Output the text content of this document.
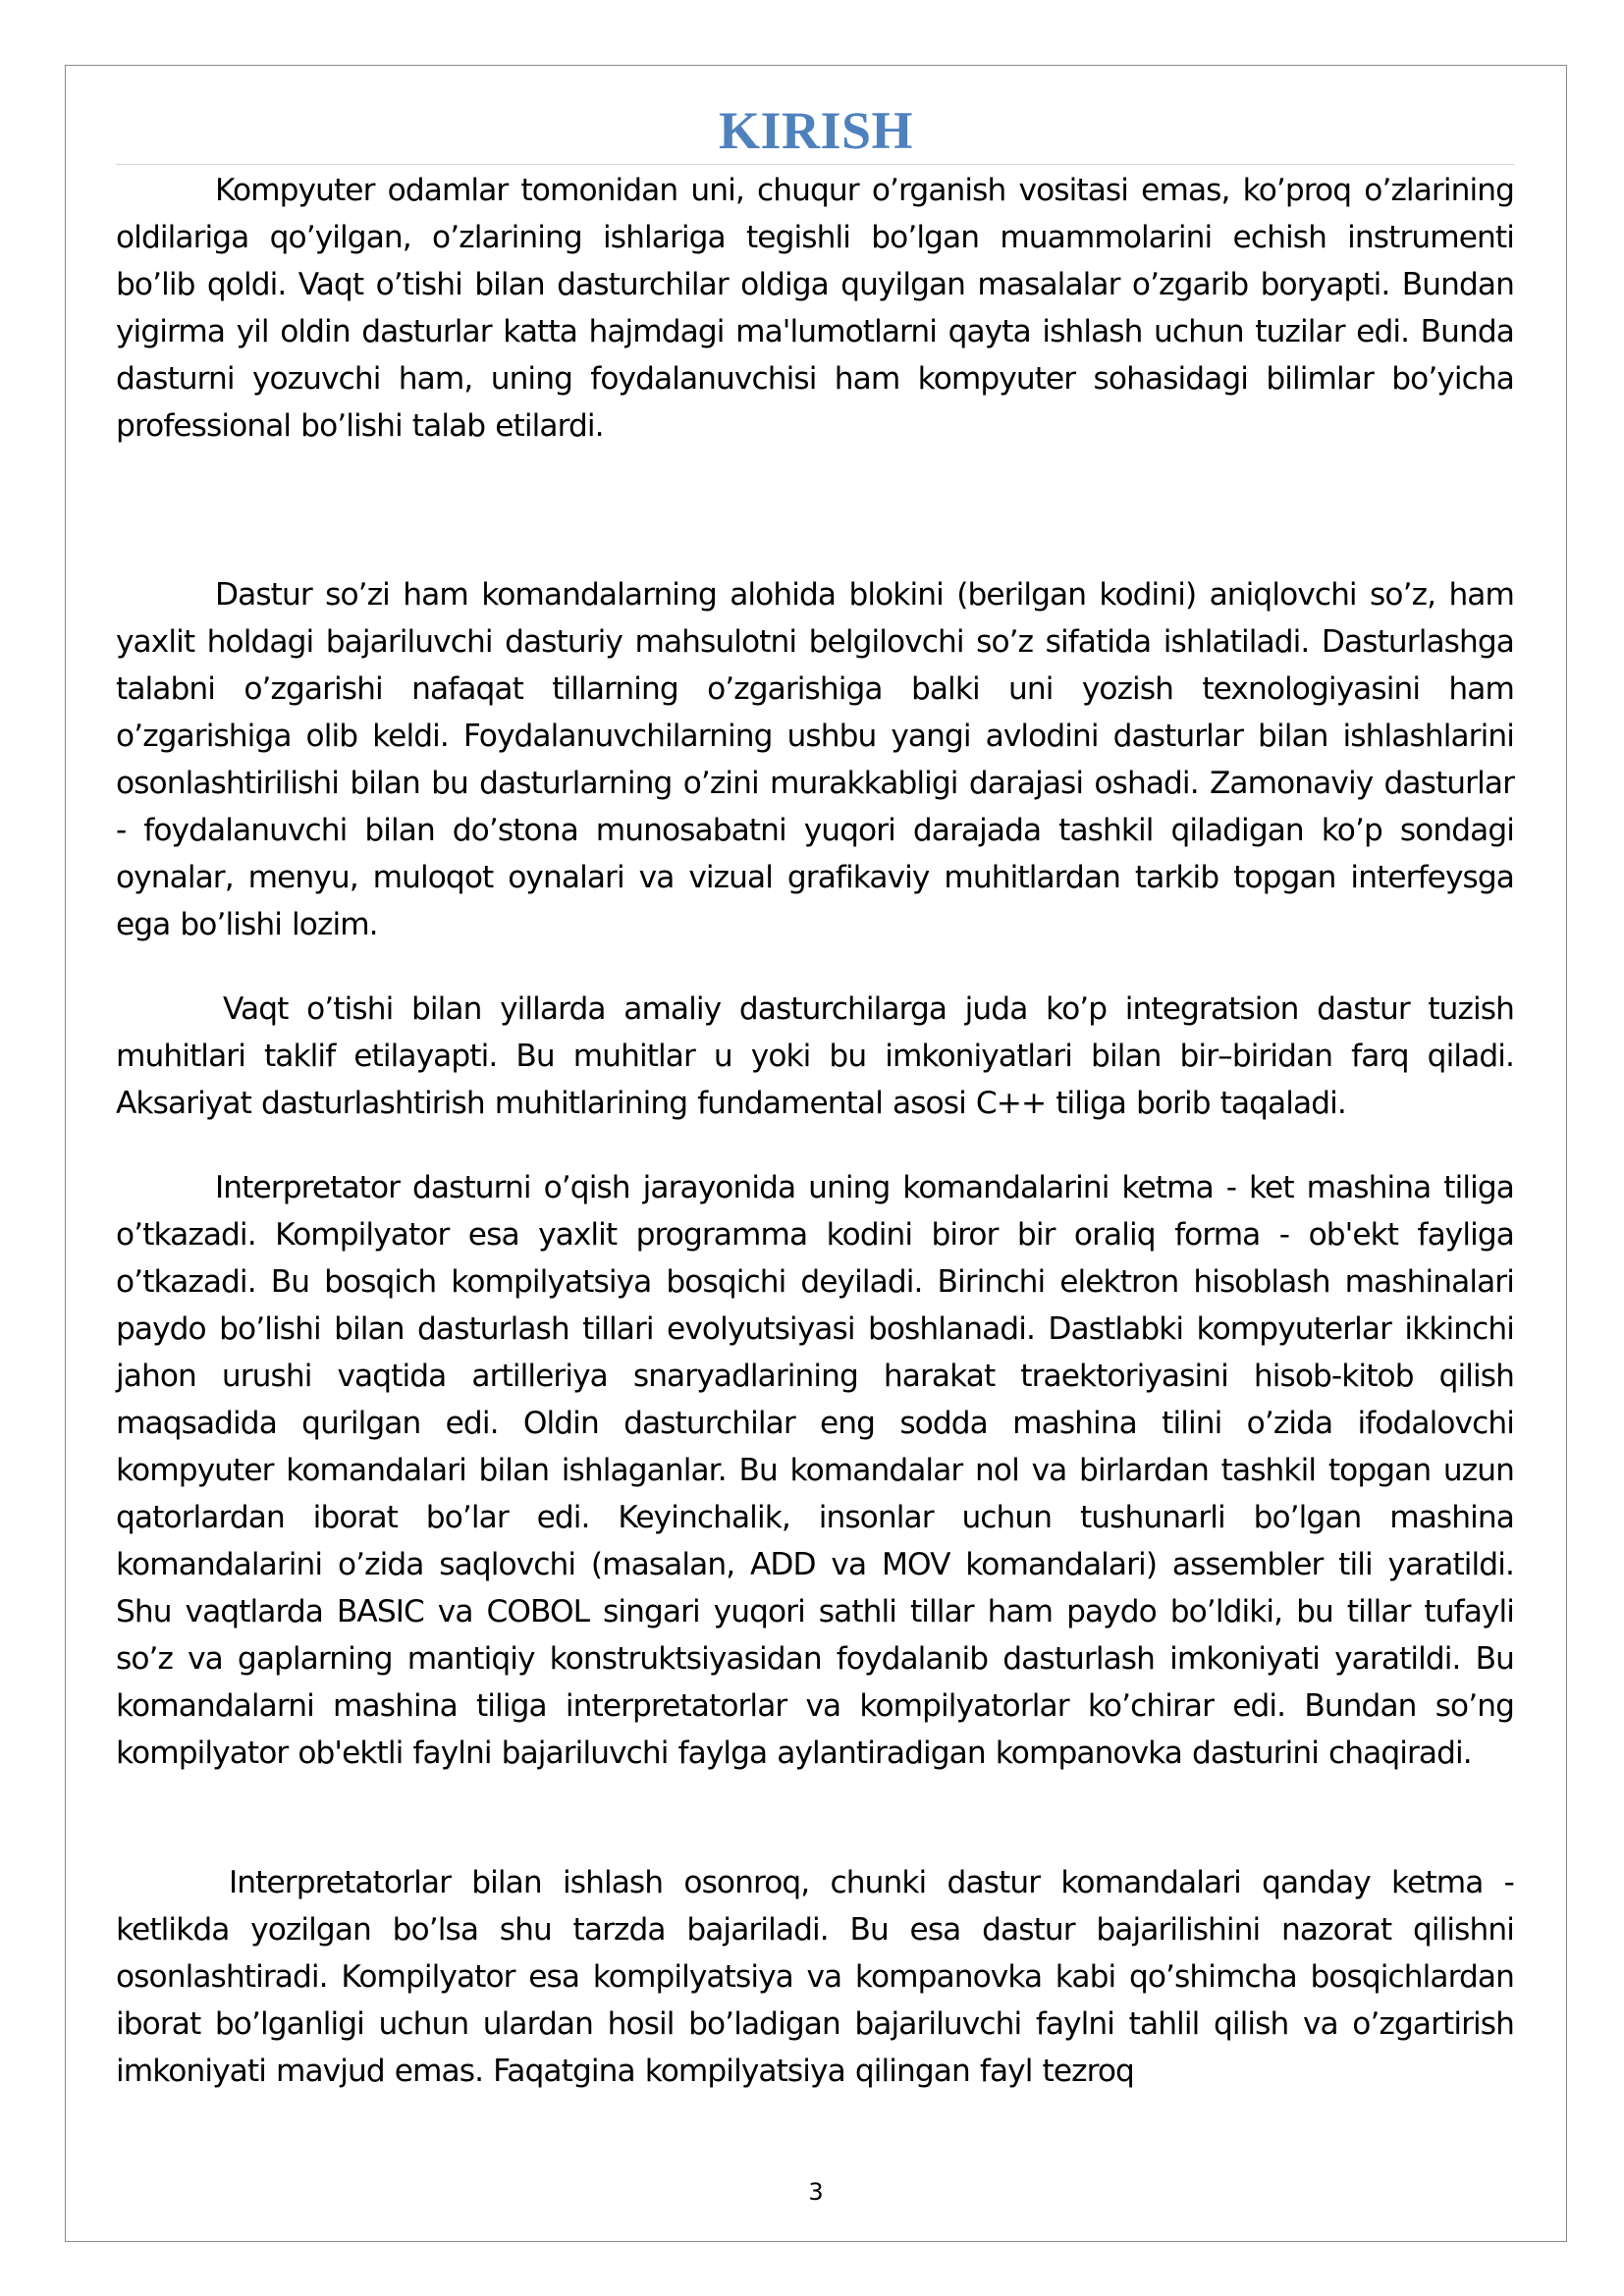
KIRISH

Kompyuter odamlar tomonidan uni, chuqur o’rganish vositasi emas, ko’proq o’zlarining oldilariga qo’yilgan, o’zlarining ishlariga tegishli bo’lgan muammolarini echish instrumenti bo’lib qoldi. Vaqt o’tishi bilan dasturchilar oldiga quyilgan masalalar o’zgarib boryapti. Bundan yigirma yil oldin dasturlar katta hajmdagi ma'lumotlarni qayta ishlash uchun tuzilar edi. Bunda dasturni yozuvchi ham, uning foydalanuvchisi ham kompyuter sohasidagi bilimlar bo’yicha professional bo’lishi talab etilardi.

Dastur so’zi ham komandalarning alohida blokini (berilgan kodini) aniqlovchi so’z, ham yaxlit holdagi bajariluvchi dasturiy mahsulotni belgilovchi so’z sifatida ishlatiladi. Dasturlashga talabni o’zgarishi nafaqat tillarning o’zgarishiga balki uni yozish texnologiyasini ham o’zgarishiga olib keldi. Foydalanuvchilarning ushbu yangi avlodini dasturlar bilan ishlashlarini osonlashtirilishi bilan bu dasturlarning o’zini murakkabligi darajasi oshadi. Zamonaviy dasturlar - foydalanuvchi bilan do’stona munosabatni yuqori darajada tashkil qiladigan ko’p sondagi oynalar, menyu, muloqot oynalari va vizual grafikaviy muhitlardan tarkib topgan interfeysga ega bo’lishi lozim.

Vaqt o’tishi bilan yillarda amaliy dasturchilarga juda ko’p integratsion dastur tuzish muhitlari taklif etilayapti. Bu muhitlar u yoki bu imkoniyatlari bilan bir–biridan farq qiladi. Aksariyat dasturlashtirish muhitlarining fundamental asosi C++ tiliga borib taqaladi.

Interpretator dasturni o’qish jarayonida uning komandalarini ketma - ket mashina tiliga o’tkazadi. Kompilyator esa yaxlit programma kodini biror bir oraliq forma - ob'ekt fayliga o’tkazadi. Bu bosqich kompilyatsiya bosqichi deyiladi. Birinchi elektron hisoblash mashinalari paydo bo’lishi bilan dasturlash tillari evolyutsiyasi boshlanadi. Dastlabki kompyuterlar ikkinchi jahon urushi vaqtida artilleriya snaryadlarining harakat traektoriyasini hisob-kitob qilish maqsadida qurilgan edi. Oldin dasturchilar eng sodda mashina tilini o’zida ifodalovchi kompyuter komandalari bilan ishlaganlar. Bu komandalar nol va birlardan tashkil topgan uzun qatorlardan iborat bo’lar edi. Keyinchalik, insonlar uchun tushunarli bo’lgan mashina komandalarini o’zida saqlovchi (masalan, ADD va MOV komandalari) assembler tili yaratildi. Shu vaqtlarda BASIC va COBOL singari yuqori sathli tillar ham paydo bo’ldiki, bu tillar tufayli so’z va gaplarning mantiqiy konstruktsiyasidan foydalanib dasturlash imkoniyati yaratildi. Bu komandalarni mashina tiliga interpretatorlar va kompilyatorlar ko’chirar edi. Bundan so’ng kompilyator ob'ektli faylni bajariluvchi faylga aylantiradigan kompanovka dasturini chaqiradi.

Interpretatorlar bilan ishlash osonroq, chunki dastur komandalari qanday ketma - ketlikda yozilgan bo’lsa shu tarzda bajariladi. Bu esa dastur bajarilishini nazorat qilishni osonlashtiradi. Kompilyator esa kompilyatsiya va kompanovka kabi qo’shimcha bosqichlardan iborat bo’lganligi uchun ulardan hosil bo’ladigan bajariluvchi faylni tahlil qilish va o’zgartirish imkoniyati mavjud emas. Faqatgina kompilyatsiya qilingan fayl tezroq

3
